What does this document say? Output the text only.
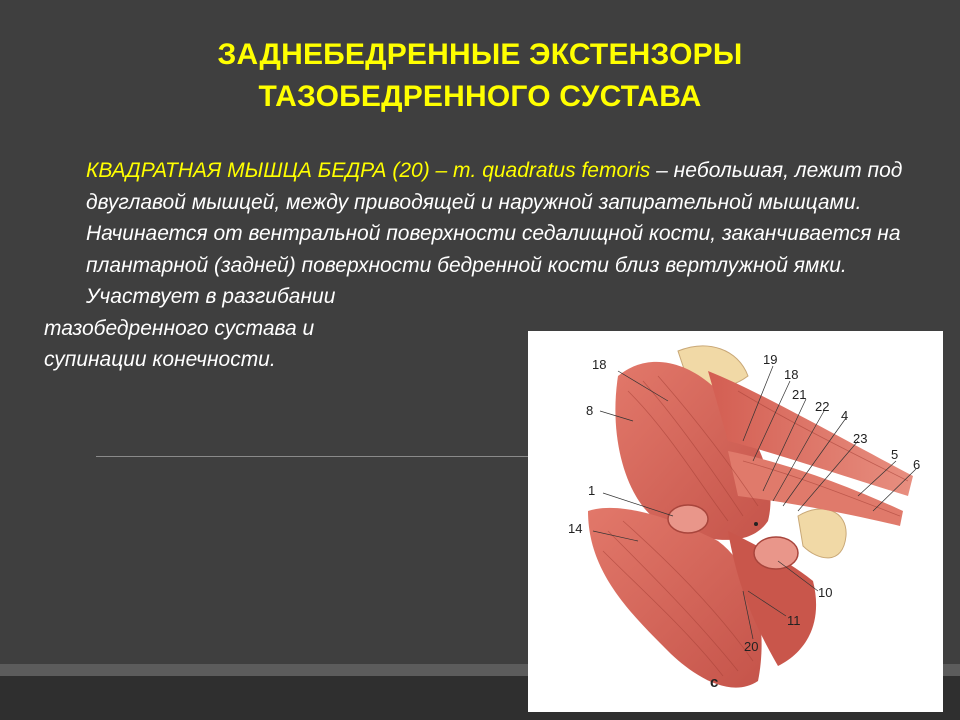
ЗАДНЕБЕДРЕННЫЕ ЭКСТЕНЗОРЫ
ТАЗОБЕДРЕННОГО СУСТАВА

КВАДРАТНАЯ МЫШЦА БЕДРА (20) – m. quadratus femoris – небольшая, лежит под двуглавой мышцей, между приводящей и наружной запирательной мышцами.

Начинается от вентральной поверхности седалищной кости, заканчивается на плантарной (задней) поверхности бедренной кости близ вертлужной ямки.

Участвует в разгибании

тазобедренного сустава и

супинации конечности.	18
8
19
18
21
22
4
23
5
6
1
14
10
11
20
c
